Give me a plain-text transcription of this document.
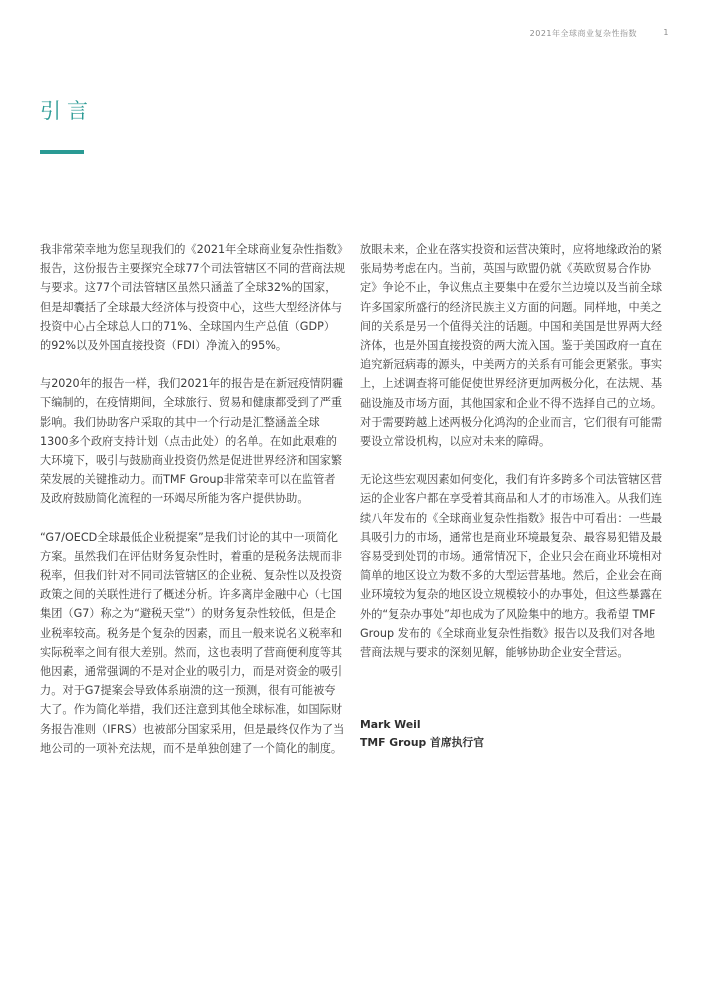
2021年全球商业复杂性指数	1
引言

我非常荣幸地为您呈现我们的《2021年全球商业复杂性指数》报告，这份报告主要探究全球77个司法管辖区不同的营商法规与要求。这77个司法管辖区虽然只涵盖了全球32%的国家，但是却囊括了全球最大经济体与投资中心，这些大型经济体与投资中心占全球总人口的71%、全球国内生产总值（GDP）的92%以及外国直接投资（FDI）净流入的95%。

与2020年的报告一样，我们2021年的报告是在新冠疫情阴霾下编制的，在疫情期间，全球旅行、贸易和健康都受到了严重影响。我们协助客户采取的其中一个行动是汇整涵盖全球1300多个政府支持计划（点击此处）的名单。在如此艰难的大环境下，吸引与鼓励商业投资仍然是促进世界经济和国家繁荣发展的关键推动力。而TMF Group非常荣幸可以在监管者及政府鼓励简化流程的一环竭尽所能为客户提供协助。

“G7/OECD全球最低企业税提案”是我们讨论的其中一项简化方案。虽然我们在评估财务复杂性时，着重的是税务法规而非税率，但我们针对不同司法管辖区的企业税、复杂性以及投资政策之间的关联性进行了概述分析。许多离岸金融中心（七国集团（G7）称之为“避税天堂”）的财务复杂性较低，但是企业税率较高。税务是个复杂的因素，而且一般来说名义税率和实际税率之间有很大差别。然而，这也表明了营商便利度等其他因素，通常强调的不是对企业的吸引力，而是对资金的吸引力。对于G7提案会导致体系崩溃的这一预测，很有可能被夸大了。作为简化举措，我们还注意到其他全球标准，如国际财务报告准则（IFRS）也被部分国家采用，但是最终仅作为了当地公司的一项补充法规，而不是单独创建了一个简化的制度。

放眼未来，企业在落实投资和运营决策时，应将地缘政治的紧张局势考虑在内。当前，英国与欧盟仍就《英欧贸易合作协定》争论不止，争议焦点主要集中在爱尔兰边境以及当前全球许多国家所盛行的经济民族主义方面的问题。同样地，中美之间的关系是另一个值得关注的话题。中国和美国是世界两大经济体，也是外国直接投资的两大流入国。鉴于美国政府一直在追究新冠病毒的源头，中美两方的关系有可能会更紧张。事实上，上述调查将可能促使世界经济更加两极分化，在法规、基础设施及市场方面，其他国家和企业不得不选择自己的立场。对于需要跨越上述两极分化鸿沟的企业而言，它们很有可能需要设立常设机构，以应对未来的障碍。

无论这些宏观因素如何变化，我们有许多跨多个司法管辖区营运的企业客户都在享受着其商品和人才的市场准入。从我们连续八年发布的《全球商业复杂性指数》报告中可看出：一些最具吸引力的市场，通常也是商业环境最复杂、最容易犯错及最容易受到处罚的市场。通常情况下，企业只会在商业环境相对简单的地区设立为数不多的大型运营基地。然后，企业会在商业环境较为复杂的地区设立规模较小的办事处，但这些暴露在外的“复杂办事处”却也成为了风险集中的地方。我希望 TMF Group 发布的《全球商业复杂性指数》报告以及我们对各地营商法规与要求的深刻见解，能够协助企业安全营运。

Mark Weil
TMF Group 首席执行官
